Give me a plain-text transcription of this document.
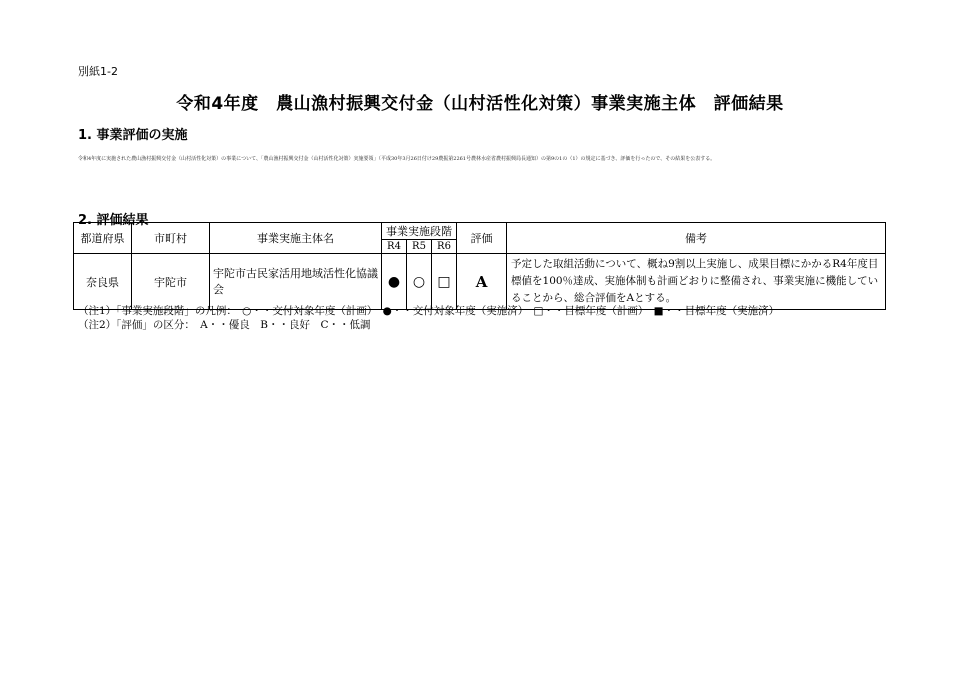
別紙1-2
令和4年度　農山漁村振興交付金（山村活性化対策）事業実施主体　評価結果
1. 事業評価の実施
令和4年度に実施された農山漁村振興交付金（山村活性化対策）の事業について、「農山漁村振興交付金（山村活性化対策）実施要領」（平成30年3月26日付け29農振第2261号農林水産省農村振興局長通知）の第9の1の（1）の規定に基づき、評価を行ったので、その結果を公表する。
2. 評価結果
都道府県	市町村	事業実施主体名	事業実施段階			評価	備考
			R4	R5	R6		
奈良県	宇陀市	宇陀市古民家活用地域活性化協議会	●	○	□	A	予定した取組活動について、概ね9割以上実施し、成果目標にかかるR4年度目標値を100％達成、実施体制も計画どおりに整備され、事業実施に機能していることから、総合評価をAとする。
（注1）「事業実施段階」の凡例：　○・・交付対象年度（計画）　●・・交付対象年度（実施済）　□・・目標年度（計画）　■・・目標年度（実施済）
（注2）「評価」の区分：　A・・優良　B・・良好　C・・低調
